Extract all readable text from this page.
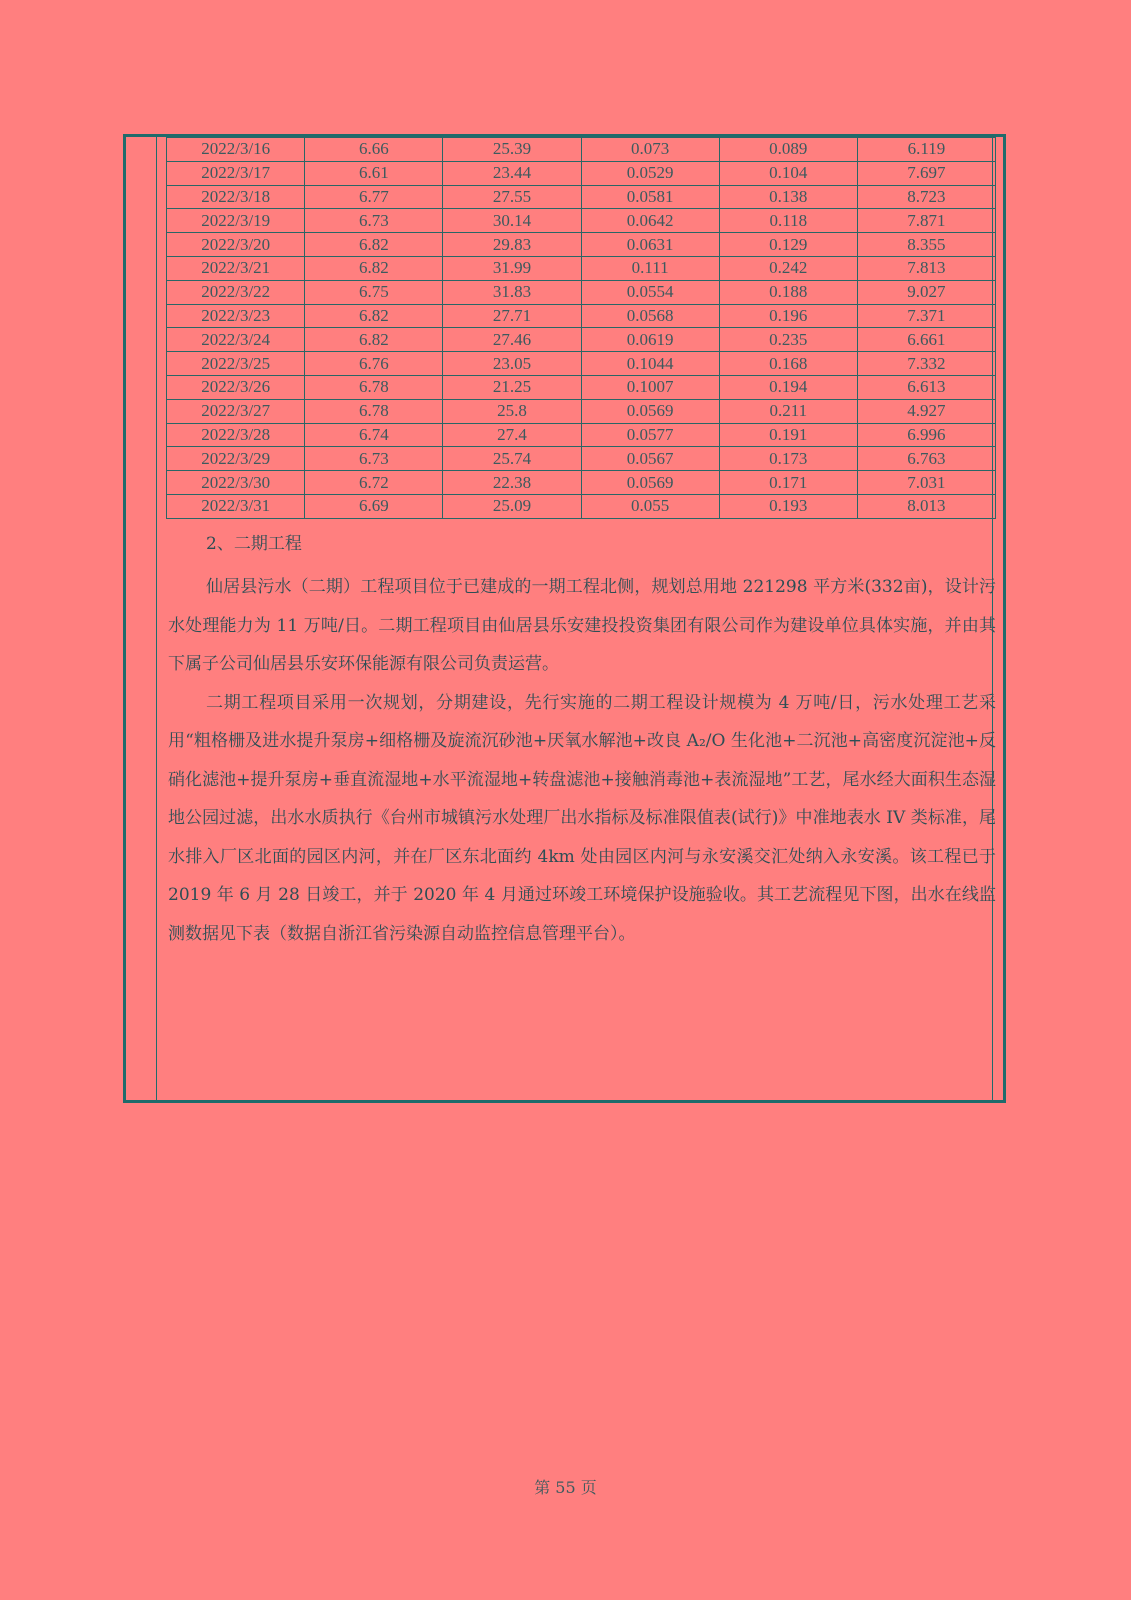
2022/3/16	6.66	25.39	0.073	0.089	6.119
2022/3/17	6.61	23.44	0.0529	0.104	7.697
2022/3/18	6.77	27.55	0.0581	0.138	8.723
2022/3/19	6.73	30.14	0.0642	0.118	7.871
2022/3/20	6.82	29.83	0.0631	0.129	8.355
2022/3/21	6.82	31.99	0.111	0.242	7.813
2022/3/22	6.75	31.83	0.0554	0.188	9.027
2022/3/23	6.82	27.71	0.0568	0.196	7.371
2022/3/24	6.82	27.46	0.0619	0.235	6.661
2022/3/25	6.76	23.05	0.1044	0.168	7.332
2022/3/26	6.78	21.25	0.1007	0.194	6.613
2022/3/27	6.78	25.8	0.0569	0.211	4.927
2022/3/28	6.74	27.4	0.0577	0.191	6.996
2022/3/29	6.73	25.74	0.0567	0.173	6.763
2022/3/30	6.72	22.38	0.0569	0.171	7.031
2022/3/31	6.69	25.09	0.055	0.193	8.013
2、二期工程

仙居县污水（二期）工程项目位于已建成的一期工程北侧，规划总用地 221298 平方米(332亩)，设计污水处理能力为 11 万吨/日。二期工程项目由仙居县乐安建投投资集团有限公司作为建设单位具体实施，并由其下属子公司仙居县乐安环保能源有限公司负责运营。

二期工程项目采用一次规划，分期建设，先行实施的二期工程设计规模为 4 万吨/日，污水处理工艺采用“粗格栅及进水提升泵房+细格栅及旋流沉砂池+厌氧水解池+改良 A₂/O 生化池+二沉池+高密度沉淀池+反硝化滤池+提升泵房+垂直流湿地+水平流湿地+转盘滤池+接触消毒池+表流湿地”工艺，尾水经大面积生态湿地公园过滤，出水水质执行《台州市城镇污水处理厂出水指标及标准限值表(试行)》中准地表水 IV 类标准，尾水排入厂区北面的园区内河，并在厂区东北面约 4km 处由园区内河与永安溪交汇处纳入永安溪。该工程已于 2019 年 6 月 28 日竣工，并于 2020 年 4 月通过环竣工环境保护设施验收。其工艺流程见下图，出水在线监测数据见下表（数据自浙江省污染源自动监控信息管理平台）。

第 55 页
